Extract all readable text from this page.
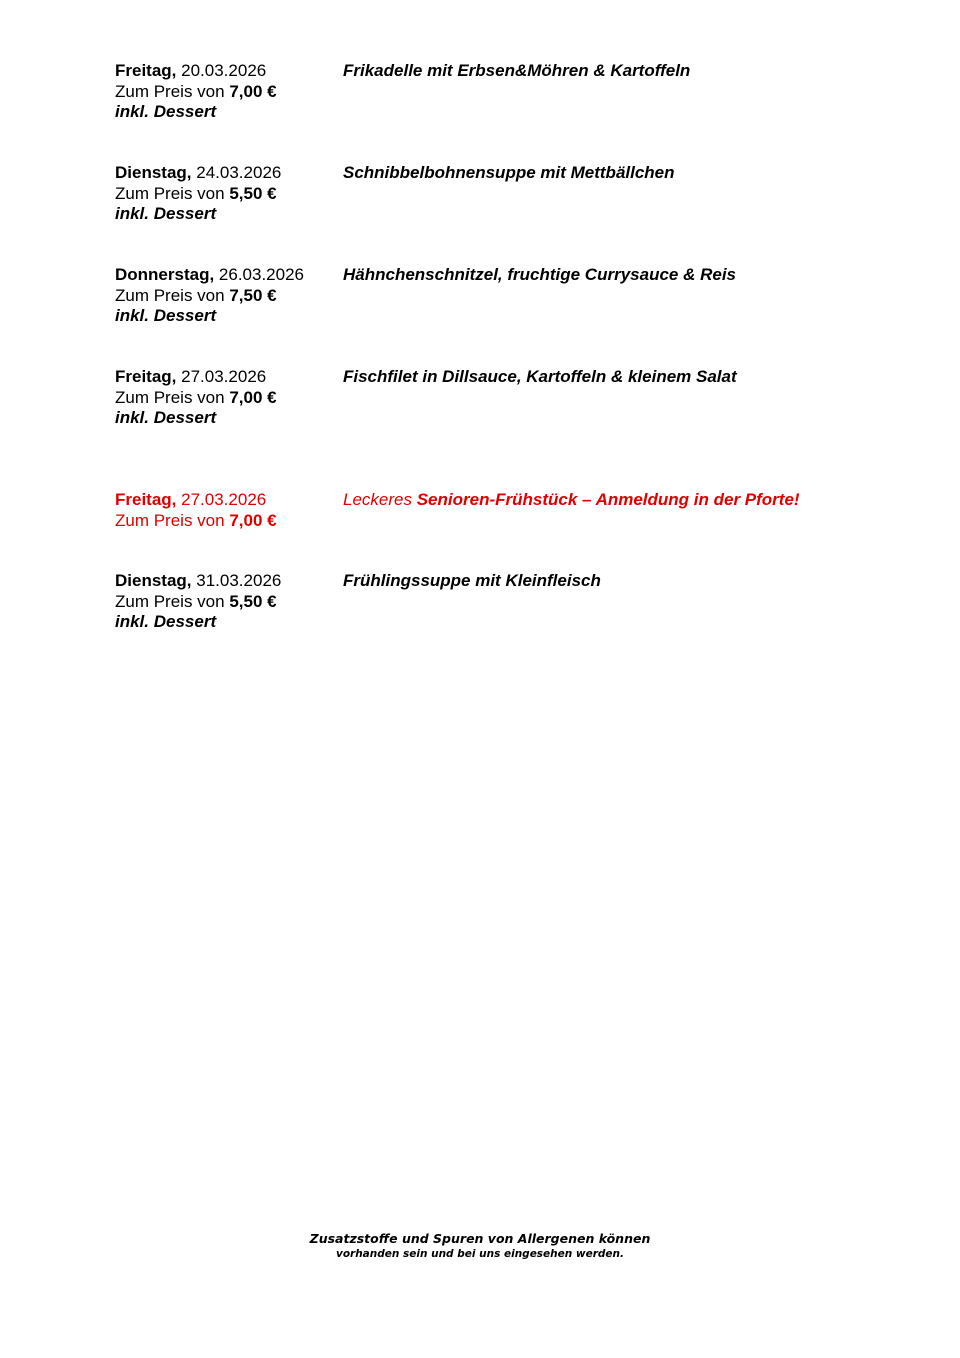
Freitag, 20.03.2026
Zum Preis von 7,00 €
inkl. Dessert
Frikadelle mit Erbsen&Möhren & Kartoffeln
Dienstag, 24.03.2026
Zum Preis von 5,50 €
inkl. Dessert
Schnibbelbohnensuppe mit Mettbällchen
Donnerstag, 26.03.2026
Zum Preis von 7,50 €
inkl. Dessert
Hähnchenschnitzel, fruchtige Currysauce & Reis
Freitag, 27.03.2026
Zum Preis von 7,00 €
inkl. Dessert
Fischfilet in Dillsauce, Kartoffeln & kleinem Salat
Freitag, 27.03.2026
Zum Preis von 7,00 €
Leckeres Senioren-Frühstück – Anmeldung in der Pforte!
Dienstag, 31.03.2026
Zum Preis von 5,50 €
inkl. Dessert
Frühlingssuppe mit Kleinfleisch
Zusatzstoffe und Spuren von Allergenen können
vorhanden sein und bei uns eingesehen werden.
